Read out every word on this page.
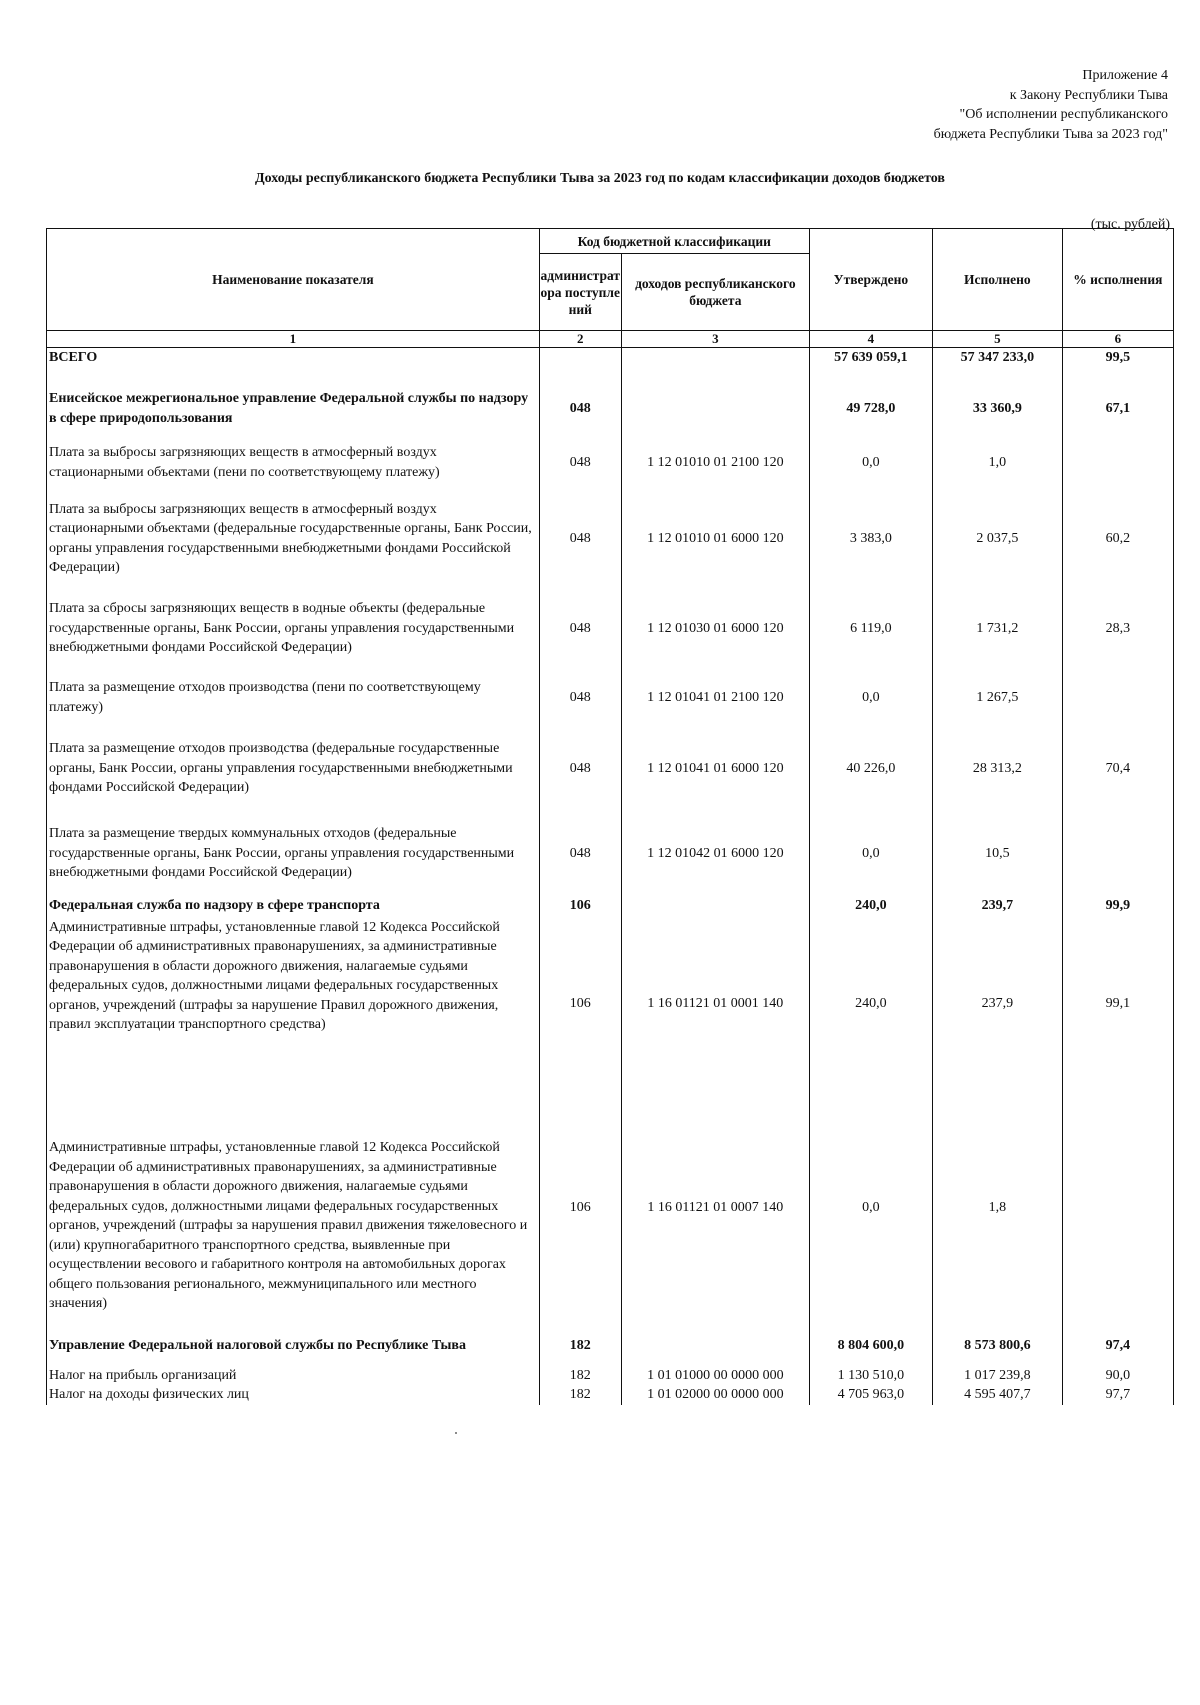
Приложение 4
к Закону Республики Тыва
"Об исполнении республиканского
бюджета Республики Тыва за 2023 год"
Доходы республиканского бюджета Республики Тыва за 2023 год по кодам классификации доходов бюджетов
(тыс. рублей)
Наименование показателя	Код бюджетной классификации		Утверждено	Исполнено	% исполнения
	администратора поступлений	доходов республиканского бюджета			
1	2	3	4	5	6
ВСЕГО			57 639 059,1	57 347 233,0	99,5
Енисейское межрегиональное управление Федеральной службы по надзору в сфере природопользования	048		49 728,0	33 360,9	67,1
Плата за выбросы загрязняющих веществ в атмосферный воздух стационарными объектами (пени по соответствующему платежу)	048	1 12 01010 01 2100 120	0,0	1,0	
Плата за выбросы загрязняющих веществ в атмосферный воздух стационарными объектами (федеральные государственные органы, Банк России, органы управления государственными внебюджетными фондами Российской Федерации)	048	1 12 01010 01 6000 120	3 383,0	2 037,5	60,2
Плата за сбросы загрязняющих веществ в водные объекты (федеральные государственные органы, Банк России, органы управления государственными внебюджетными фондами Российской Федерации)	048	1 12 01030 01 6000 120	6 119,0	1 731,2	28,3
Плата за размещение отходов производства (пени по соответствующему платежу)	048	1 12 01041 01 2100 120	0,0	1 267,5	
Плата за размещение отходов производства (федеральные государственные органы, Банк России, органы управления государственными внебюджетными фондами Российской Федерации)	048	1 12 01041 01 6000 120	40 226,0	28 313,2	70,4
Плата за размещение твердых коммунальных отходов (федеральные государственные органы, Банк России, органы управления государственными внебюджетными фондами Российской Федерации)	048	1 12 01042 01 6000 120	0,0	10,5	
Федеральная служба по надзору в сфере транспорта	106		240,0	239,7	99,9
Административные штрафы, установленные главой 12 Кодекса Российской Федерации об административных правонарушениях, за административные правонарушения в области дорожного движения, налагаемые судьями федеральных судов, должностными лицами федеральных государственных органов, учреждений (штрафы за нарушение Правил дорожного движения, правил эксплуатации транспортного средства)	106	1 16 01121 01 0001 140	240,0	237,9	99,1
Административные штрафы, установленные главой 12 Кодекса Российской Федерации об административных правонарушениях, за административные правонарушения в области дорожного движения, налагаемые судьями федеральных судов, должностными лицами федеральных государственных органов, учреждений (штрафы за нарушения правил движения тяжеловесного и (или) крупногабаритного транспортного средства, выявленные при осуществлении весового и габаритного контроля на автомобильных дорогах общего пользования регионального, межмуниципального или местного значения)	106	1 16 01121 01 0007 140	0,0	1,8	
Управление Федеральной налоговой службы по Республике Тыва	182		8 804 600,0	8 573 800,6	97,4
Налог на прибыль организаций	182	1 01 01000 00 0000 000	1 130 510,0	1 017 239,8	90,0
Налог на доходы физических лиц	182	1 01 02000 00 0000 000	4 705 963,0	4 595 407,7	97,7
